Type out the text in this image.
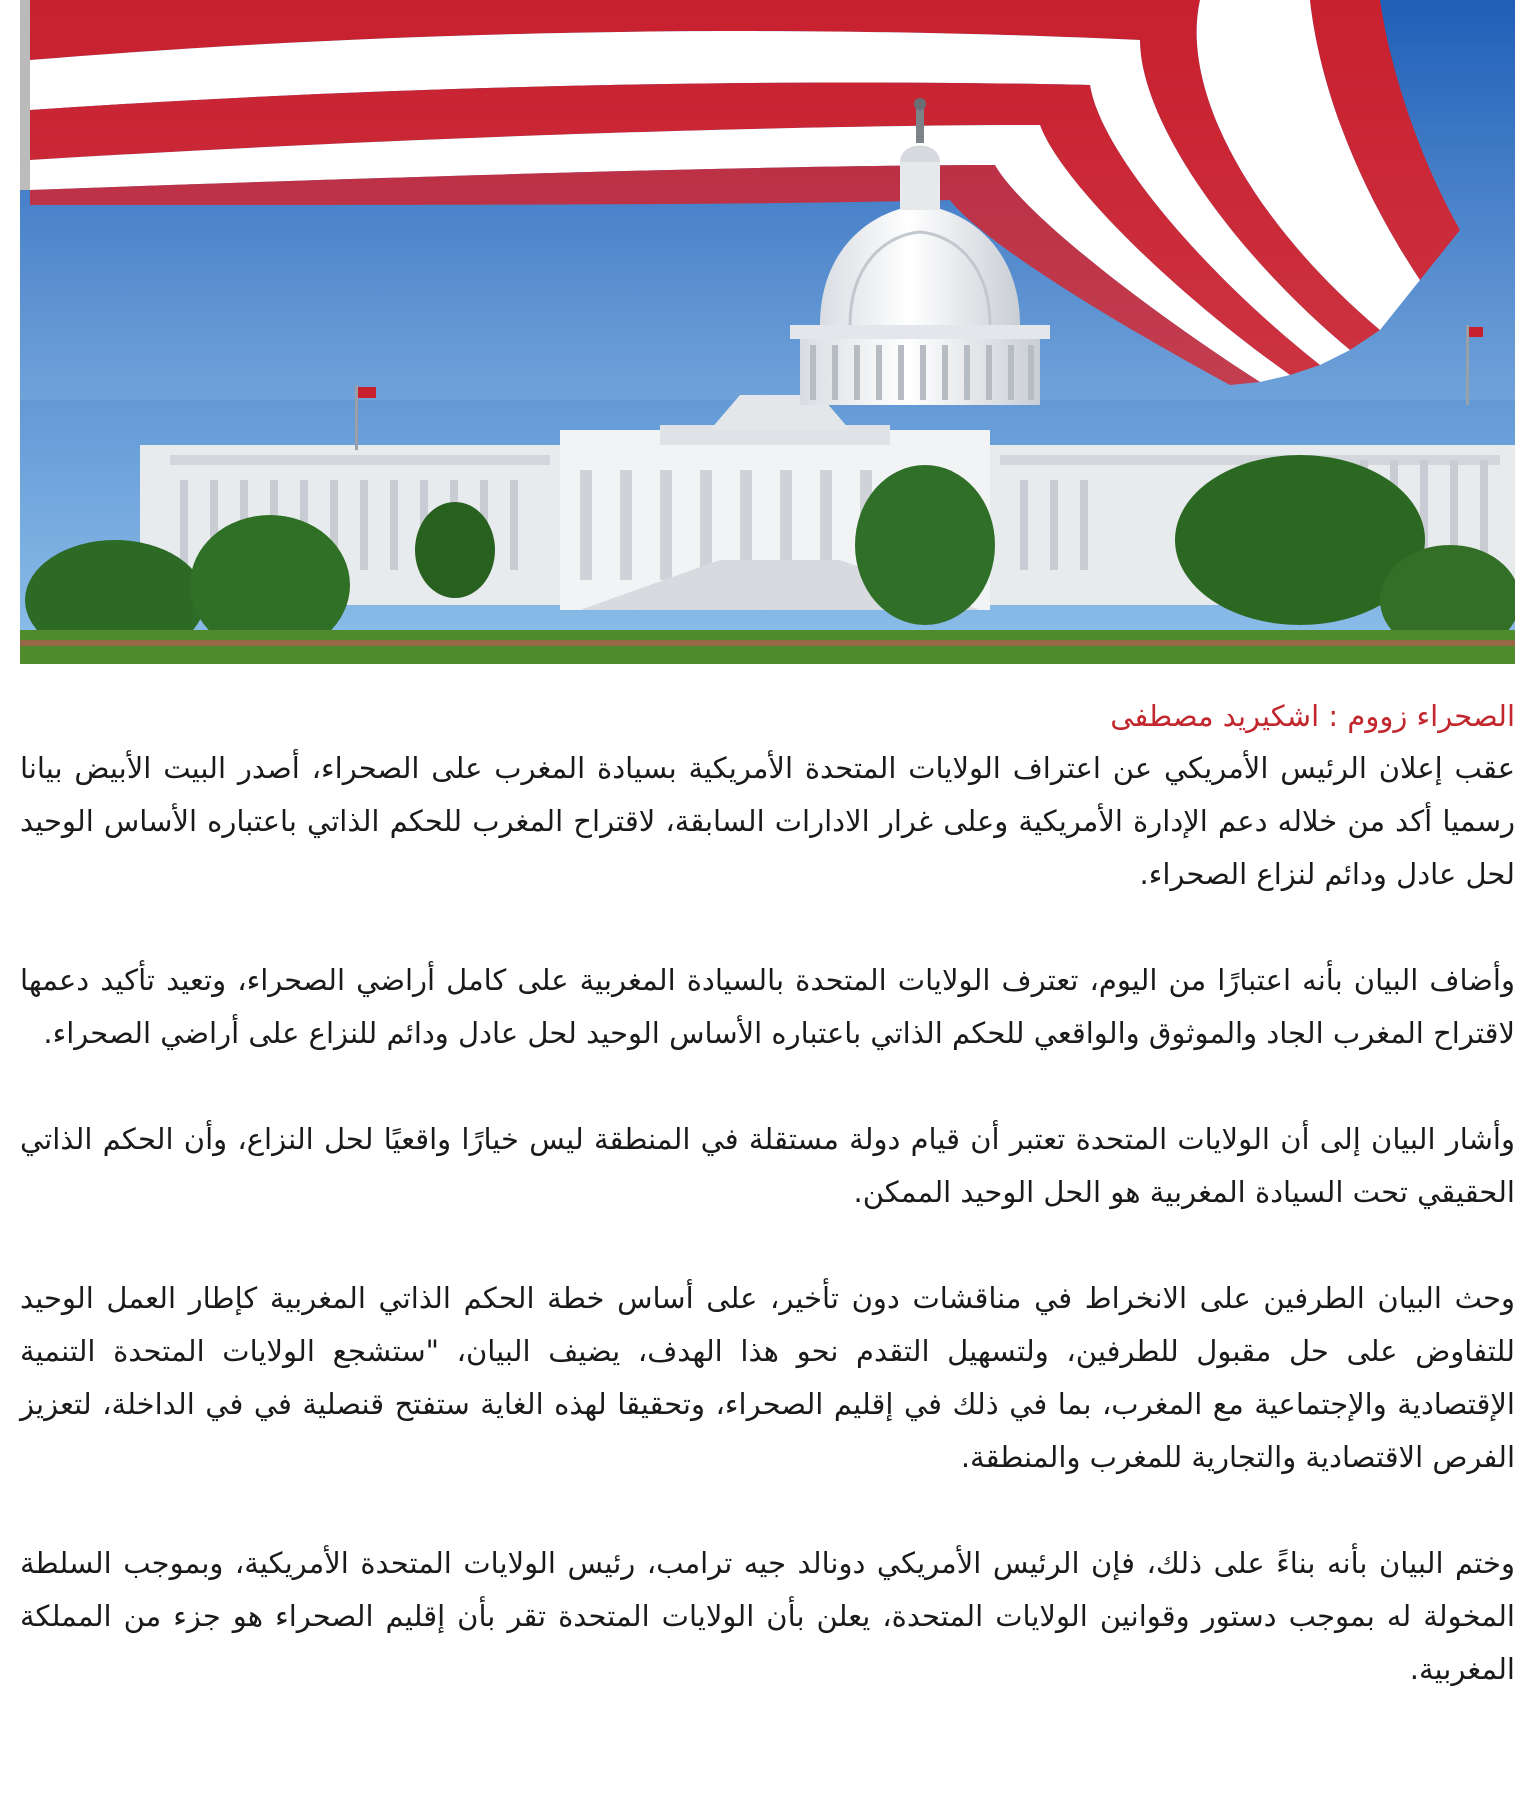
الصحراء زووم : اشكيريد مصطفى

عقب إعلان الرئيس الأمريكي عن اعتراف الولايات المتحدة الأمريكية بسيادة المغرب على الصحراء، أصدر البيت الأبيض بيانا رسميا أكد من خلاله دعم الإدارة الأمريكية وعلى غرار الادارات السابقة، لاقتراح المغرب للحكم الذاتي باعتباره الأساس الوحيد لحل عادل ودائم لنزاع الصحراء.

وأضاف البيان بأنه اعتبارًا من اليوم، تعترف الولايات المتحدة بالسيادة المغربية على كامل أراضي الصحراء، وتعيد تأكيد دعمها لاقتراح المغرب الجاد والموثوق والواقعي للحكم الذاتي باعتباره الأساس الوحيد لحل عادل ودائم للنزاع على أراضي الصحراء.

وأشار البيان إلى أن الولايات المتحدة تعتبر أن قيام دولة مستقلة في المنطقة ليس خيارًا واقعيًا لحل النزاع، وأن الحكم الذاتي الحقيقي تحت السيادة المغربية هو الحل الوحيد الممكن.

وحث البيان الطرفين على الانخراط في مناقشات دون تأخير، على أساس خطة الحكم الذاتي المغربية كإطار العمل الوحيد للتفاوض على حل مقبول للطرفين، ولتسهيل التقدم نحو هذا الهدف، يضيف البيان، "ستشجع الولايات المتحدة التنمية الإقتصادية والإجتماعية مع المغرب، بما في ذلك في إقليم الصحراء، وتحقيقا لهذه الغاية ستفتح قنصلية في في الداخلة، لتعزيز الفرص الاقتصادية والتجارية للمغرب والمنطقة.

وختم البيان بأنه بناءً على ذلك، فإن الرئيس الأمريكي دونالد جيه ترامب، رئيس الولايات المتحدة الأمريكية، وبموجب السلطة المخولة له بموجب دستور وقوانين الولايات المتحدة، يعلن بأن الولايات المتحدة تقر بأن إقليم الصحراء هو جزء من المملكة المغربية.
